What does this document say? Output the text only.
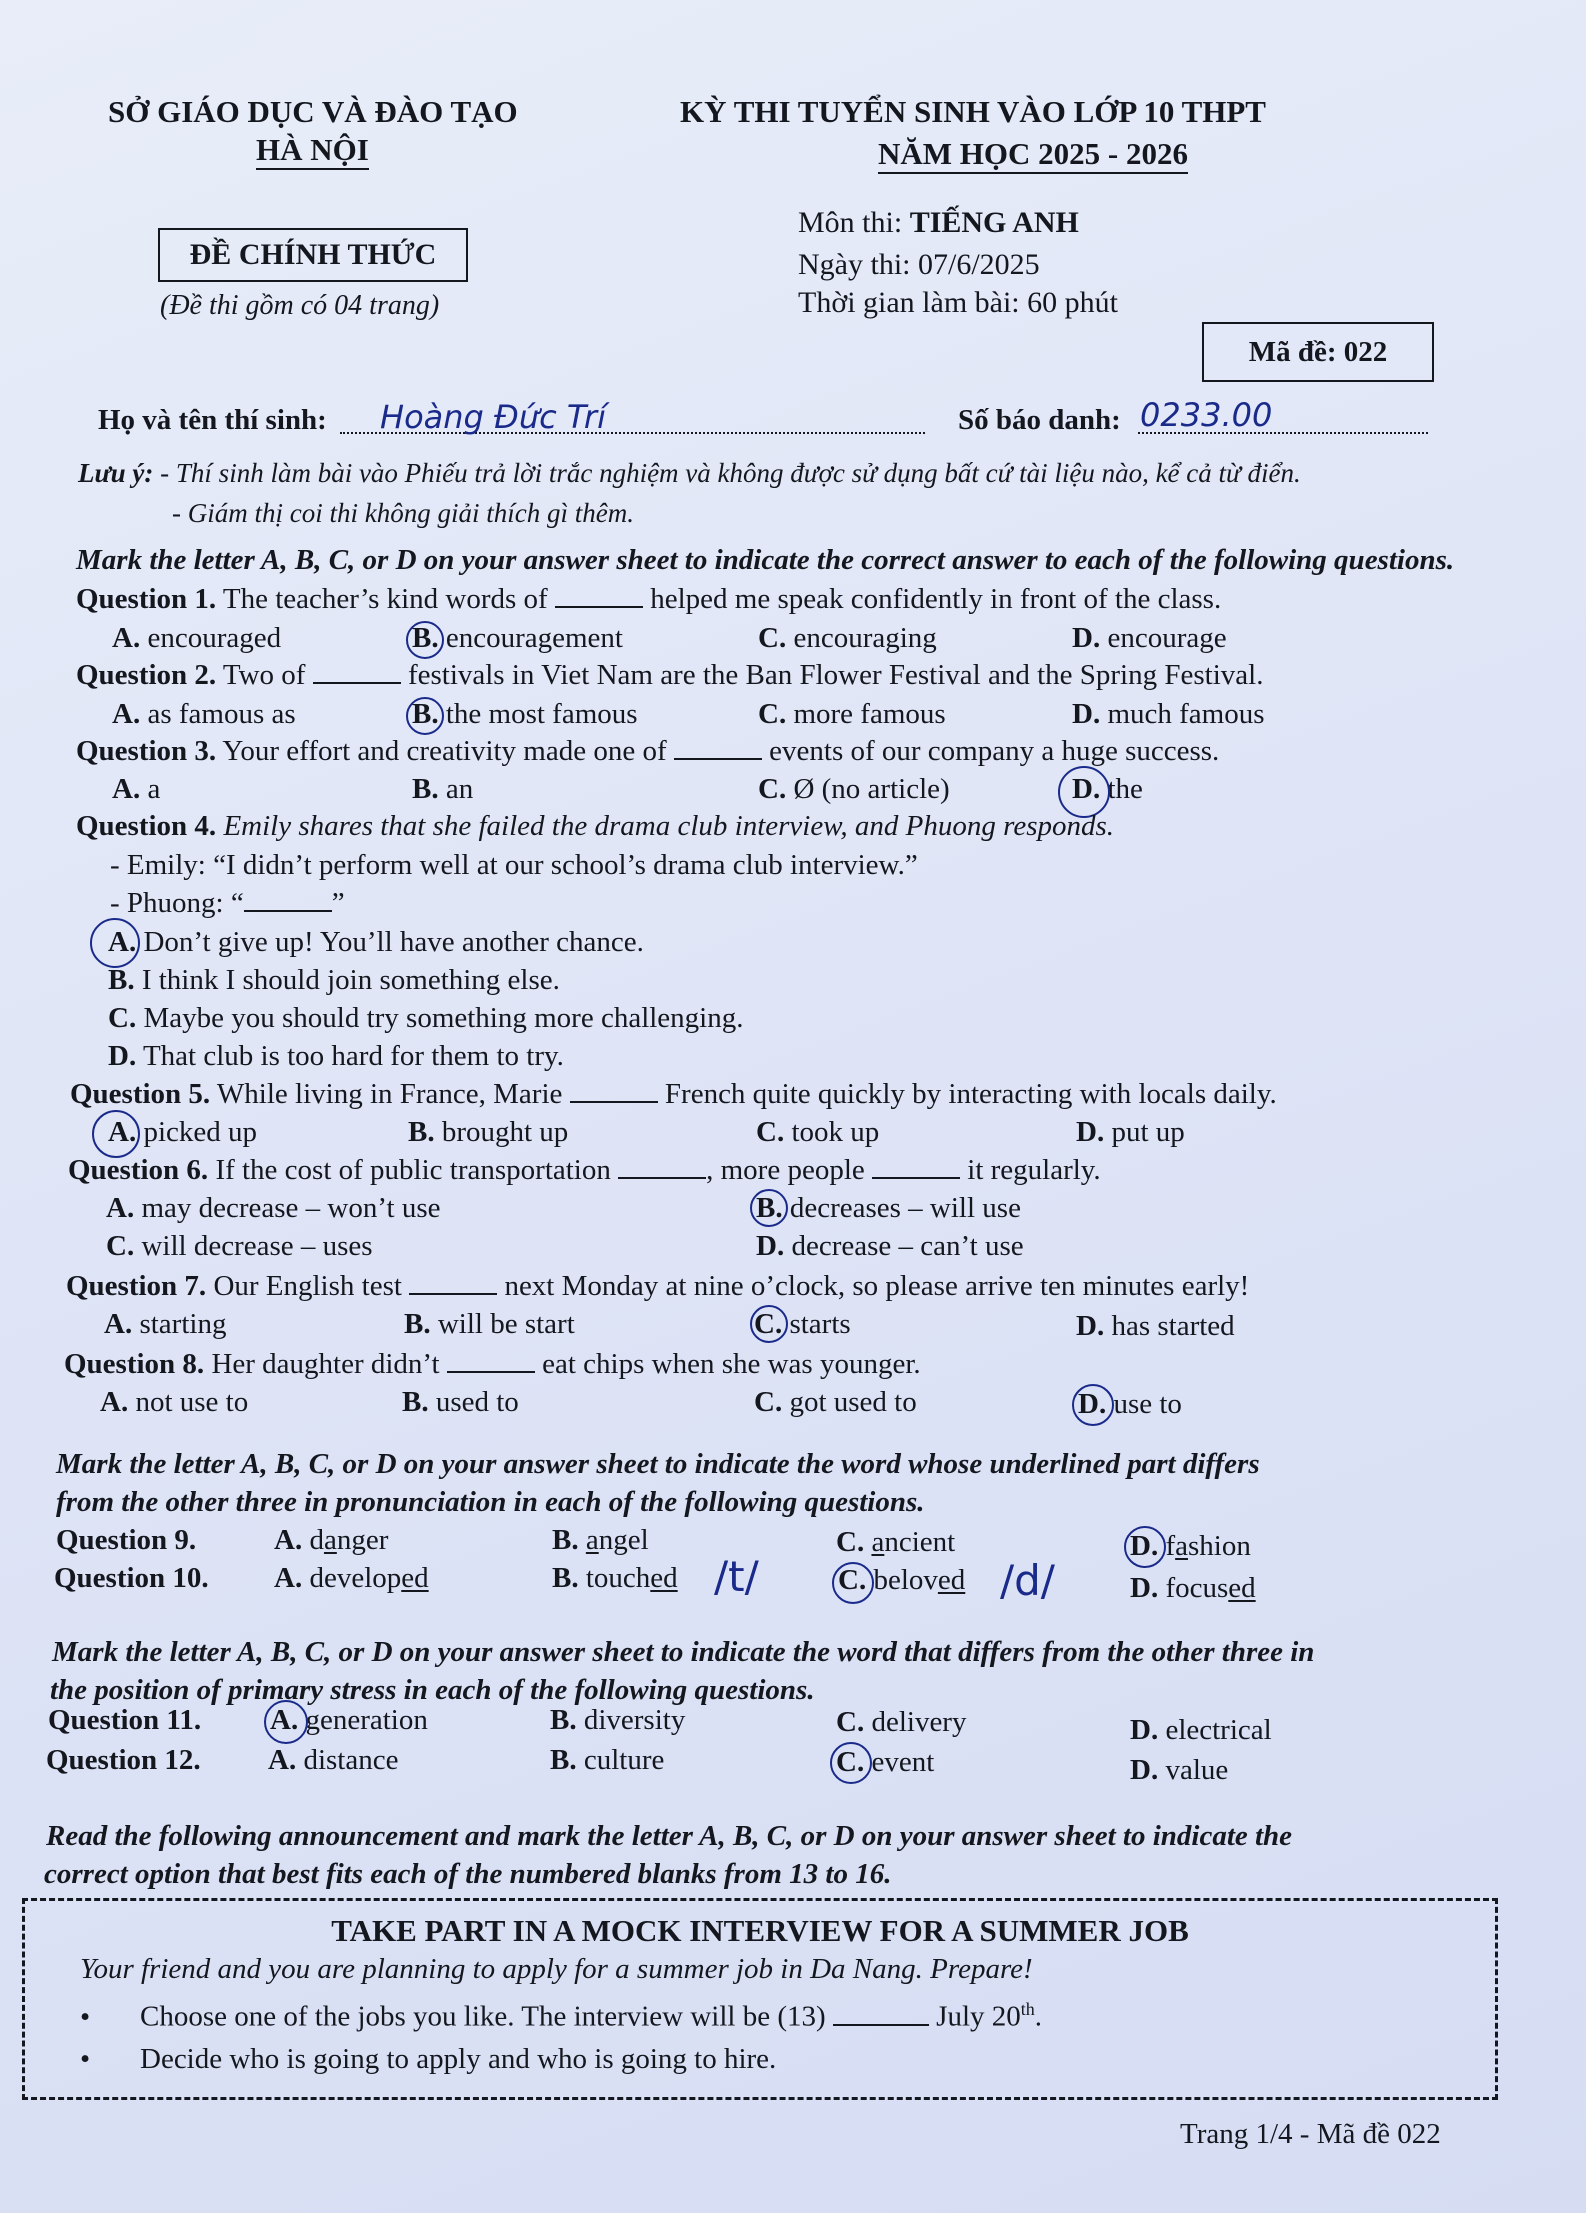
SỞ GIÁO DỤC VÀ ĐÀO TẠO
HÀ NỘI
KỲ THI TUYỂN SINH VÀO LỚP 10 THPT
NĂM HỌC 2025 - 2026
ĐỀ CHÍNH THỨC
(Đề thi gồm có 04 trang)
Môn thi: TIẾNG ANH
Ngày thi: 07/6/2025
Thời gian làm bài: 60 phút
Mã đề: 022
Họ và tên thí sinh: Hoàng Đức Trí	Số báo danh: 0233.00
Lưu ý: - Thí sinh làm bài vào Phiếu trả lời trắc nghiệm và không được sử dụng bất cứ tài liệu nào, kể cả từ điển.
- Giám thị coi thi không giải thích gì thêm.
Mark the letter A, B, C, or D on your answer sheet to indicate the correct answer to each of the following questions.
Question 1. The teacher’s kind words of	helped me speak confidently in front of the class.
A. encouraged	B. encouragement	C. encouraging	D. encourage
Question 2. Two of	festivals in Viet Nam are the Ban Flower Festival and the Spring Festival.
A. as famous as	B. the most famous	C. more famous	D. much famous
Question 3. Your effort and creativity made one of	events of our company a huge success.
A. a	B. an	C. Ø (no article)	D. the
Question 4. Emily shares that she failed the drama club interview, and Phuong responds.
- Emily: “I didn’t perform well at our school’s drama club interview.”
- Phuong: “	”
A. Don’t give up! You’ll have another chance.
B. I think I should join something else.
C. Maybe you should try something more challenging.
D. That club is too hard for them to try.
Question 5. While living in France, Marie	French quite quickly by interacting with locals daily.
A. picked up	B. brought up	C. took up	D. put up
Question 6. If the cost of public transportation	, more people	it regularly.
A. may decrease – won’t use	B. decreases – will use
C. will decrease – uses	D. decrease – can’t use
Question 7. Our English test	next Monday at nine o’clock, so please arrive ten minutes early!
A. starting	B. will be start	C. starts	D. has started
Question 8. Her daughter didn’t	eat chips when she was younger.
A. not use to	B. used to	C. got used to	D. use to
Mark the letter A, B, C, or D on your answer sheet to indicate the word whose underlined part differs
from the other three in pronunciation in each of the following questions.
Question 9.	A. danger	B. angel	C. ancient	D. fashion
Question 10. A. developed	B. touched /t/	C. beloved /d/	D. focused
Mark the letter A, B, C, or D on your answer sheet to indicate the word that differs from the other three in
the position of primary stress in each of the following questions.
Question 11. A. generation	B. diversity	C. delivery	D. electrical
Question 12. A. distance	B. culture	C. event	D. value
Read the following announcement and mark the letter A, B, C, or D on your answer sheet to indicate the
correct option that best fits each of the numbered blanks from 13 to 16.
TAKE PART IN A MOCK INTERVIEW FOR A SUMMER JOB
Your friend and you are planning to apply for a summer job in Da Nang. Prepare!
• Choose one of the jobs you like. The interview will be (13)	July 20th.
• Decide who is going to apply and who is going to hire.
Trang 1/4 - Mã đề 022
